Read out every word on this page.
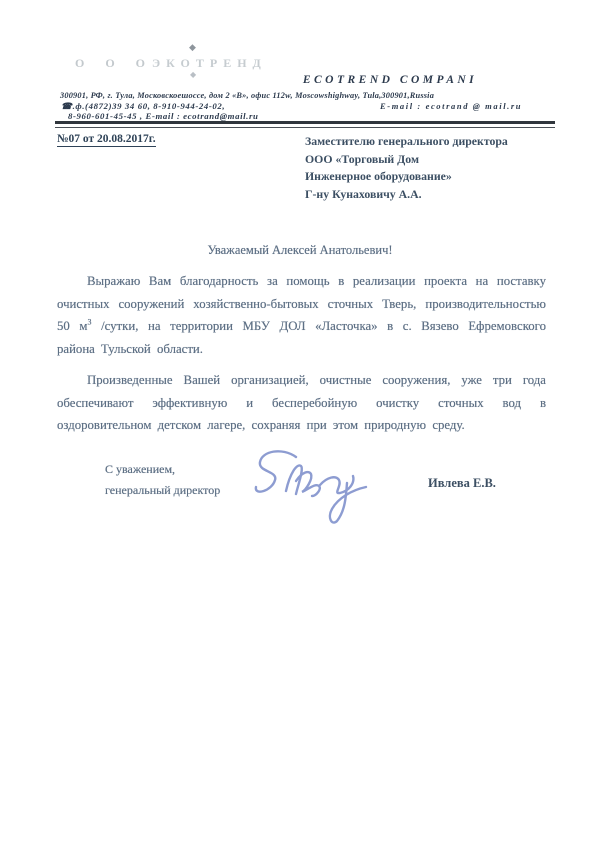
О О О
◆
ЭКОТРЕНД
◆	ECOTREND COMPANI
300901, РФ, г. Тула, Московскоешоссе, дом 2 «В», офис 112w, Moscowshighway, Tula,300901,Russia
☎.ф.(4872)39 34 60, 8-910-944-24-02,	E-mail : ecotrand @ mail.ru
8-960-601-45-45 , E-mail : ecotrand@mail.ru
№07 от 20.08.2017г.	Заместителю генерального директора
ООО «Торговый Дом
Инженерное оборудование»
Г-ну Кунаховичу А.А.
Уважаемый Алексей Анатольевич!

Выражаю Вам благодарность за помощь в реализации проекта на поставку очистных сооружений хозяйственно-бытовых сточных Тверь, производительностью 50 $м^3$ /сутки, на территории МБУ ДОЛ «Ласточка» в с. Вязево Ефремовского района Тульской области.

Произведенные Вашей организацией, очистные сооружения, уже три года обеспечивают эффективную и бесперебойную очистку сточных вод в оздоровительном детском лагере, сохраняя при этом природную среду.

С уважением,
генеральный директор	Ивлева Е.В.
